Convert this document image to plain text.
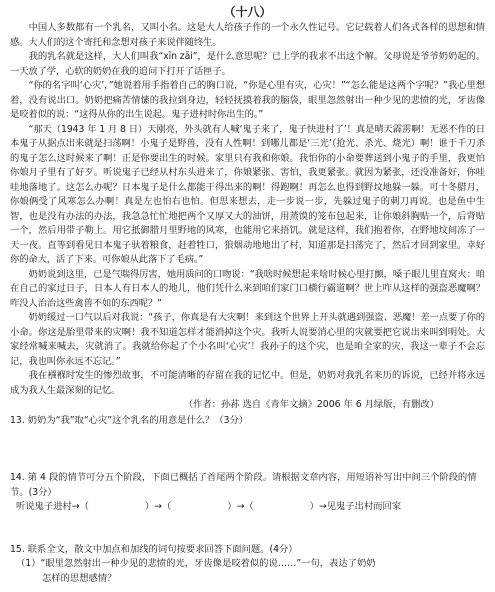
（十八）

中国人多数都有一个乳名，又叫小名。这是大人给孩子作的一个永久性记号。它记载着人们各式各样的思想和情感。大人们的这个寄托和念想对孩子来说伴随终生。

我的乳名就是这样，大人们叫我“xīn zāi”，是什么意思呢？已上学的我求不出这个解。父母说是爷爷奶奶起的。一天放了学，心软的奶奶在我的追问下打开了话匣子。

“你的名字叫‘心灾’，”她说着用手指着自己的胸口说，“你是心里有灾，心灾！”“怎么能是这两个字呢？”我心里想着，没有说出口。奶奶把痛苦情愫的我拉到身边，轻轻抚摸着我的脑袋，眼里忽然射出一种少见的悲愤的光，牙齿像是咬着似的说：“这得从你的出生说起。鬼子进村时你出生的。”

“那天（1943 年 1 月 8 日）天刚亮，外头就有人喊‘鬼子来了，鬼子快进村了’！真是晴天霹雳啊！无恶不作的日本鬼子从据点出来就是扫荡啊！小鬼子是野兽，没有人性啊！到哪儿都是‘三光’（抢光、杀光、烧光）啊！谁于千刀杀的鬼子怎么这时候来了啊！正是你要出生的时候。家里只有我和你娘。我怕你的小命要葬送到小鬼子的手里，我更怕你娘月子里有了好歹。听说鬼子已经从村东头进来了，你娘紧张、害怕，我更紧张。就因为紧张，还没准备好，你哇哇地落地了。这怎么办呢？日本鬼子是什么都能干得出来的啊！得跑啊！再怎么也得到野坟地躲一躲。可十冬腊月，你娘俩受了风寒怎么办啊！真是左也怕右也怕。但思来想去，走一步说一步，先躲过鬼子的刺刀再说。也是鱼中生智，也是没有办法的办法，我急急忙忙地把两个又厚又大的油饼，用蒸馍的笼布包起来，让你娘斜胸贴一个，后背贴一个，然后用带子勒上。用它抵御腊月里野地的风寒，也能用它来捂饥。就是这样，我们抱着你，在野地坟间冻了一天一夜。直等到看见日本鬼子驮着粮食，赶着牲口，狼烟动地地出了村，知道那是扫荡完了，然后才回到家里。幸好你的命大，活了下来。可你娘从此落下了毛病。”

奶奶说到这里，已是气喘得厉害，她用质问的口吻说：“我啥时候想起来啥时候心里打颤，嗓子眼儿里直窝火：咱在自己的家过日子，日本人有日本人的地儿，他们凭什么来到咱们家门口横行霸道啊？世上咋从这样的强盗恶魔啊？咋没人治治这些禽兽不如的东西呢？”

奶奶缓过一口气以后对我说：“孩子，你真是有大灾啊！来到这个世界上开头就遇到强盗、恶魔！差一点要了你的小命。你这是胎里带来的灾啊！我不知道怎样才能消掉这个灾。我听人说要消心里的灾就要把它说出来叫到明处。大家经常喊来喊去，灾就消了。我就给你起了个小名叫‘心灾’！我孙子的这个灾，也是咱全家的灾，我这一辈子不会忘记，我也叫你永远不忘记。”

我在襁褓时发生的惨烈故事，不可能清晰的存留在我的记忆中。但是，奶奶对我乳名来历的诉说，已经并将永远成为我人生最深刻的记忆。

（作者：孙荪 选自《青年文摘》2006 年 6 月绿版，有删改）

13. 奶奶为“我”取“心灾”这个乳名的用意是什么？（3分）

14. 第 4 段的情节可分五个阶段，下面已概括了首尾两个阶段。请根据文章内容，用短语补写出中间三个阶段的情节。(3分）

听说鬼子进村→（	）→（	）→（	）→见鬼子出村而回家

15. 联系全文，散文中加点和加线的词句按要求回答下面问题。(4分）

（1）“眼里忽然射出一种少见的悲愤的光，牙齿像是咬着似的说……”一句，表达了奶奶

怎样的思想感情？
